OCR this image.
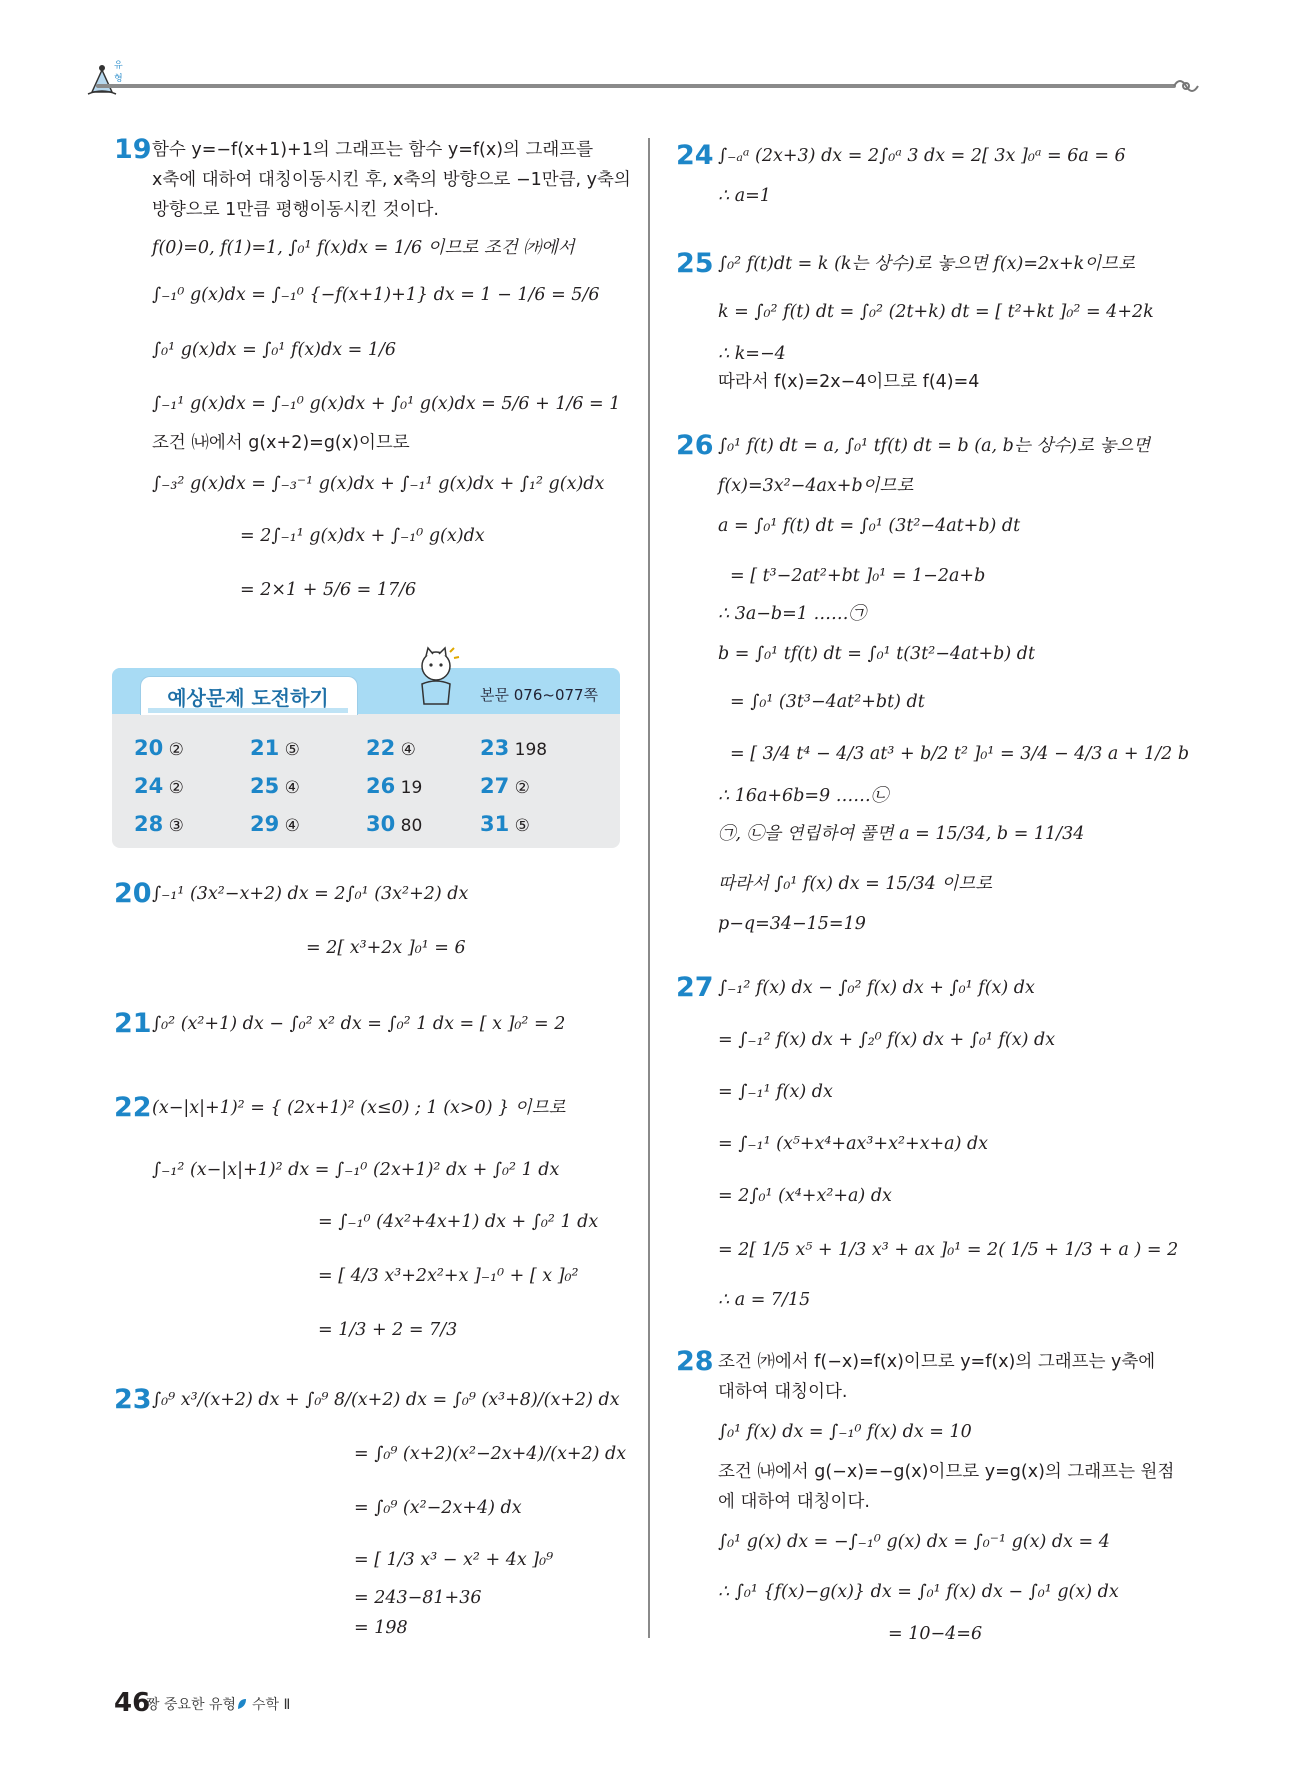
유형
19 함수 y=−f(x+1)+1의 그래프는 함수 y=f(x)의 그래프를
x축에 대하여 대칭이동시킨 후, x축의 방향으로 −1만큼, y축의
방향으로 1만큼 평행이동시킨 것이다.
f(0)=0, f(1)=1, ∫₀¹ f(x)dx = 1/6 이므로 조건 ㈎에서
∫₋₁⁰ g(x)dx = ∫₋₁⁰ {−f(x+1)+1} dx = 1 − 1/6 = 5/6
∫₀¹ g(x)dx = ∫₀¹ f(x)dx = 1/6
∫₋₁¹ g(x)dx = ∫₋₁⁰ g(x)dx + ∫₀¹ g(x)dx = 5/6 + 1/6 = 1
조건 ㈏에서 g(x+2)=g(x)이므로
∫₋₃² g(x)dx = ∫₋₃⁻¹ g(x)dx + ∫₋₁¹ g(x)dx + ∫₁² g(x)dx
= 2∫₋₁¹ g(x)dx + ∫₋₁⁰ g(x)dx
= 2×1 + 5/6 = 17/6
예상문제 도전하기	본문 076~077쪽
20 ②	21 ⑤	22 ④	23 198
24 ②	25 ④	26 19	27 ②
28 ③	29 ④	30 80	31 ⑤
20 ∫₋₁¹ (3x²−x+2) dx = 2∫₀¹ (3x²+2) dx
= 2[ x³+2x ]₀¹ = 6
21 ∫₀² (x²+1) dx − ∫₀² x² dx = ∫₀² 1 dx = [ x ]₀² = 2
22 (x−|x|+1)² = { (2x+1)² (x≤0) ; 1 (x>0) } 이므로
∫₋₁² (x−|x|+1)² dx = ∫₋₁⁰ (2x+1)² dx + ∫₀² 1 dx
= ∫₋₁⁰ (4x²+4x+1) dx + ∫₀² 1 dx
= [ 4/3 x³+2x²+x ]₋₁⁰ + [ x ]₀²
= 1/3 + 2 = 7/3
23 ∫₀⁹ x³/(x+2) dx + ∫₀⁹ 8/(x+2) dx = ∫₀⁹ (x³+8)/(x+2) dx
= ∫₀⁹ (x+2)(x²−2x+4)/(x+2) dx
= ∫₀⁹ (x²−2x+4) dx
= [ 1/3 x³ − x² + 4x ]₀⁹
= 243−81+36
= 198
24 ∫₋ₐᵃ (2x+3) dx = 2∫₀ᵃ 3 dx = 2[ 3x ]₀ᵃ = 6a = 6
∴ a=1
25 ∫₀² f(t)dt = k (k는 상수)로 놓으면 f(x)=2x+k이므로
k = ∫₀² f(t) dt = ∫₀² (2t+k) dt = [ t²+kt ]₀² = 4+2k
∴ k=−4
따라서 f(x)=2x−4이므로 f(4)=4
26 ∫₀¹ f(t) dt = a, ∫₀¹ tf(t) dt = b (a, b는 상수)로 놓으면
f(x)=3x²−4ax+b이므로
a = ∫₀¹ f(t) dt = ∫₀¹ (3t²−4at+b) dt
= [ t³−2at²+bt ]₀¹ = 1−2a+b
∴ 3a−b=1 ……㉠
b = ∫₀¹ tf(t) dt = ∫₀¹ t(3t²−4at+b) dt
= ∫₀¹ (3t³−4at²+bt) dt
= [ 3/4 t⁴ − 4/3 at³ + b/2 t² ]₀¹ = 3/4 − 4/3 a + 1/2 b
∴ 16a+6b=9 ……㉡
㉠, ㉡을 연립하여 풀면 a = 15/34, b = 11/34
따라서 ∫₀¹ f(x) dx = 15/34 이므로
p−q=34−15=19
27 ∫₋₁² f(x) dx − ∫₀² f(x) dx + ∫₀¹ f(x) dx
= ∫₋₁² f(x) dx + ∫₂⁰ f(x) dx + ∫₀¹ f(x) dx
= ∫₋₁¹ f(x) dx
= ∫₋₁¹ (x⁵+x⁴+ax³+x²+x+a) dx
= 2∫₀¹ (x⁴+x²+a) dx
= 2[ 1/5 x⁵ + 1/3 x³ + ax ]₀¹ = 2( 1/5 + 1/3 + a ) = 2
∴ a = 7/15
28 조건 ㈎에서 f(−x)=f(x)이므로 y=f(x)의 그래프는 y축에
대하여 대칭이다.
∫₀¹ f(x) dx = ∫₋₁⁰ f(x) dx = 10
조건 ㈏에서 g(−x)=−g(x)이므로 y=g(x)의 그래프는 원점
에 대하여 대칭이다.
∫₀¹ g(x) dx = −∫₋₁⁰ g(x) dx = ∫₀⁻¹ g(x) dx = 4
∴ ∫₀¹ {f(x)−g(x)} dx = ∫₀¹ f(x) dx − ∫₀¹ g(x) dx
= 10−4=6
46
짱 중요한 유형 수학 Ⅱ
